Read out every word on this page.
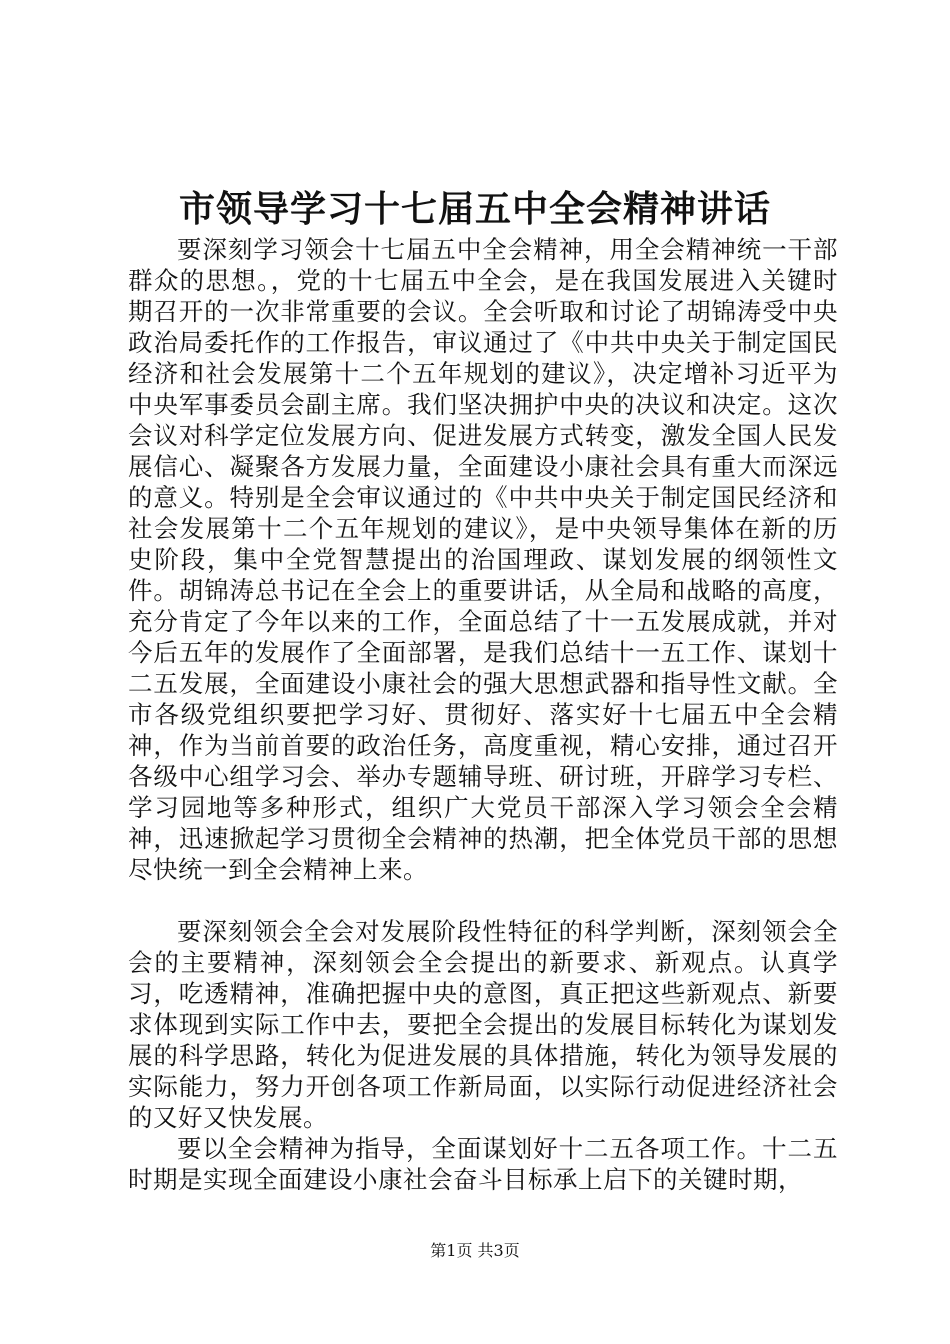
市领导学习十七届五中全会精神讲话

要深刻学习领会十七届五中全会精神，用全会精神统一干部群众的思想。，党的十七届五中全会，是在我国发展进入关键时期召开的一次非常重要的会议。全会听取和讨论了胡锦涛受中央政治局委托作的工作报告，审议通过了《中共中央关于制定国民经济和社会发展第十二个五年规划的建议》，决定增补习近平为中央军事委员会副主席。我们坚决拥护中央的决议和决定。这次会议对科学定位发展方向、促进发展方式转变，激发全国人民发展信心、凝聚各方发展力量，全面建设小康社会具有重大而深远的意义。特别是全会审议通过的《中共中央关于制定国民经济和社会发展第十二个五年规划的建议》，是中央领导集体在新的历史阶段，集中全党智慧提出的治国理政、谋划发展的纲领性文件。胡锦涛总书记在全会上的重要讲话，从全局和战略的高度，充分肯定了今年以来的工作，全面总结了十一五发展成就，并对今后五年的发展作了全面部署，是我们总结十一五工作、谋划十二五发展，全面建设小康社会的强大思想武器和指导性文献。全市各级党组织要把学习好、贯彻好、落实好十七届五中全会精神，作为当前首要的政治任务，高度重视，精心安排，通过召开各级中心组学习会、举办专题辅导班、研讨班，开辟学习专栏、学习园地等多种形式，组织广大党员干部深入学习领会全会精神，迅速掀起学习贯彻全会精神的热潮，把全体党员干部的思想尽快统一到全会精神上来。

要深刻领会全会对发展阶段性特征的科学判断，深刻领会全会的主要精神，深刻领会全会提出的新要求、新观点。认真学习，吃透精神，准确把握中央的意图，真正把这些新观点、新要求体现到实际工作中去，要把全会提出的发展目标转化为谋划发展的科学思路，转化为促进发展的具体措施，转化为领导发展的实际能力，努力开创各项工作新局面，以实际行动促进经济社会的又好又快发展。

要以全会精神为指导，全面谋划好十二五各项工作。十二五时期是实现全面建设小康社会奋斗目标承上启下的关键时期，

第1页 共3页
